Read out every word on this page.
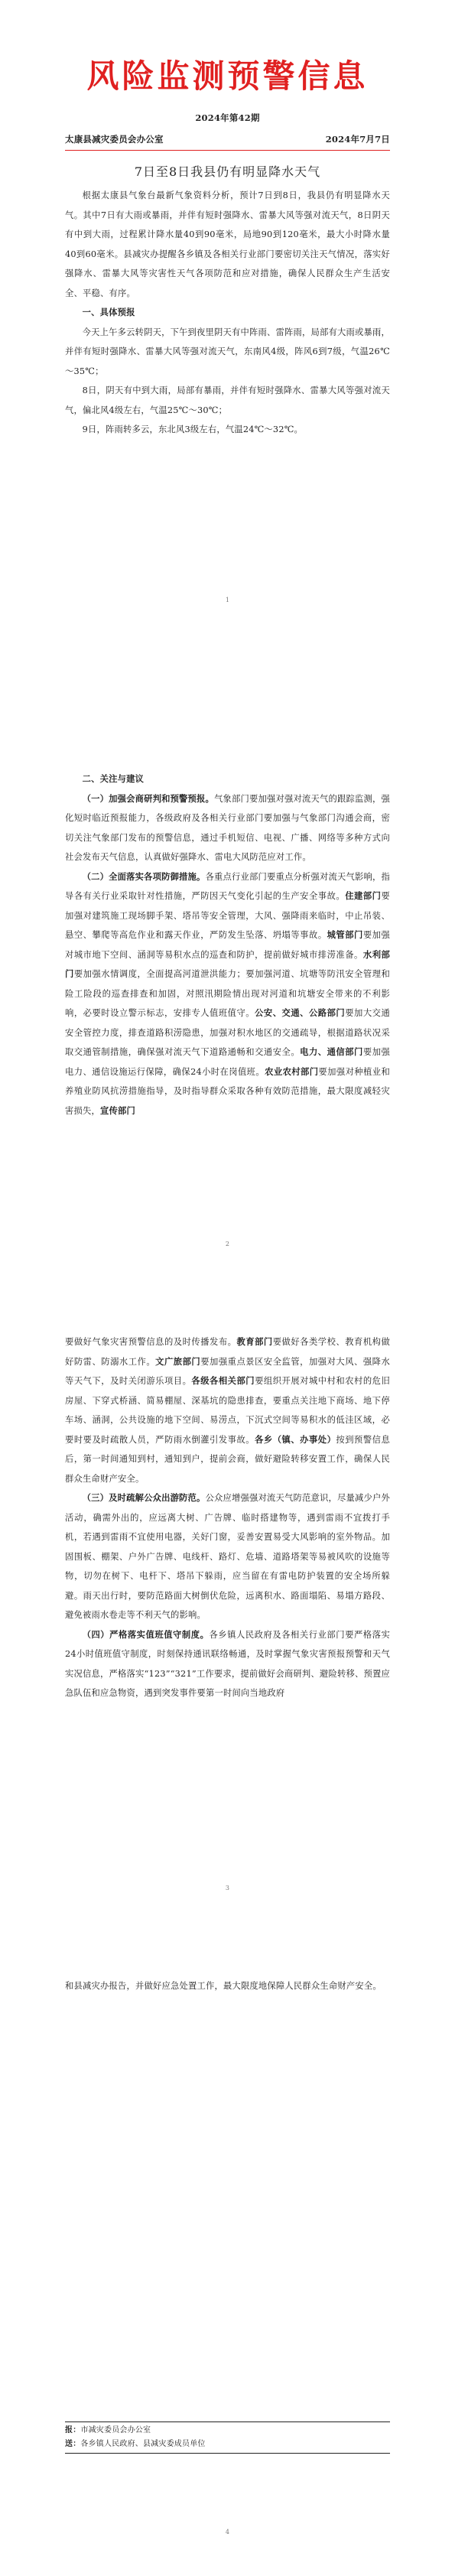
风险监测预警信息
2024年第42期
太康县减灾委员会办公室	2024年7月7日
7日至8日我县仍有明显降水天气

根据太康县气象台最新气象资料分析，预计7日到8日，我县仍有明显降水天气。其中7日有大雨或暴雨，并伴有短时强降水、雷暴大风等强对流天气，8日阴天有中到大雨，过程累计降水量40到90毫米，局地90到120毫米，最大小时降水量40到60毫米。县减灾办提醒各乡镇及各相关行业部门要密切关注天气情况，落实好强降水、雷暴大风等灾害性天气各项防范和应对措施，确保人民群众生产生活安全、平稳、有序。

一、具体预报

今天上午多云转阴天，下午到夜里阴天有中阵雨、雷阵雨，局部有大雨或暴雨，并伴有短时强降水、雷暴大风等强对流天气，东南风4级，阵风6到7级，气温26℃～35℃；

8日，阴天有中到大雨，局部有暴雨，并伴有短时强降水、雷暴大风等强对流天气，偏北风4级左右，气温25℃～30℃；

9日，阵雨转多云，东北风3级左右，气温24℃～32℃。

1

二、关注与建议

（一）加强会商研判和预警预报。气象部门要加强对强对流天气的跟踪监测，强化短时临近预报能力，各级政府及各相关行业部门要加强与气象部门沟通会商，密切关注气象部门发布的预警信息，通过手机短信、电视、广播、网络等多种方式向社会发布天气信息，认真做好强降水、雷电大风防范应对工作。

（二）全面落实各项防御措施。各重点行业部门要重点分析强对流天气影响，指导各有关行业采取针对性措施，严防因天气变化引起的生产安全事故。住建部门要加强对建筑施工现场脚手架、塔吊等安全管理，大风、强降雨来临时，中止吊装、悬空、攀爬等高危作业和露天作业，严防发生坠落、坍塌等事故。城管部门要加强对城市地下空间、涵洞等易积水点的巡查和防护，提前做好城市排涝准备。水利部门要加强水情调度，全面提高河道泄洪能力；要加强河道、坑塘等防汛安全管理和险工险段的巡查排查和加固，对照汛期险情出现对河道和坑塘安全带来的不利影响，必要时设立警示标志，安排专人值班值守。公安、交通、公路部门要加大交通安全管控力度，排查道路积涝隐患，加强对积水地区的交通疏导，根据道路状况采取交通管制措施，确保强对流天气下道路通畅和交通安全。电力、通信部门要加强电力、通信设施运行保障，确保24小时在岗值班。农业农村部门要加强对种植业和养殖业防风抗涝措施指导，及时指导群众采取各种有效防范措施，最大限度减轻灾害损失，宣传部门

2

要做好气象灾害预警信息的及时传播发布。教育部门要做好各类学校、教育机构做好防雷、防溺水工作。文广旅部门要加强重点景区安全监管，加强对大风、强降水等天气下，及时关闭游乐项目。各级各相关部门要组织开展对城中村和农村的危旧房屋、下穿式桥涵、简易棚屋、深基坑的隐患排查，要重点关注地下商场、地下停车场、涵洞，公共设施的地下空间、易涝点，下沉式空间等易积水的低洼区域，必要时要及时疏散人员，严防雨水倒灌引发事故。各乡（镇、办事处）按到预警信息后，第一时间通知到村，通知到户，提前会商，做好避险转移安置工作，确保人民群众生命财产安全。

（三）及时疏解公众出游防范。公众应增强强对流天气防范意识，尽量减少户外活动，确需外出的，应远离大树、广告牌、临时搭建物等，遇到雷雨不宜拨打手机，若遇到雷雨不宜使用电器，关好门窗，妥善安置易受大风影响的室外物品。加固围板、棚架、户外广告牌、电线杆、路灯、危墙、道路塔架等易被风吹的设施等物，切勿在树下、电杆下、塔吊下躲雨，应当留在有雷电防护装置的安全场所躲避。雨天出行时，要防范路面大树倒伏危险，远离积水、路面塌陷、易塌方路段、避免被雨水卷走等不利天气的影响。

（四）严格落实值班值守制度。各乡镇人民政府及各相关行业部门要严格落实24小时值班值守制度，时刻保持通讯联络畅通，及时掌握气象灾害预报预警和天气实况信息，严格落实“123”“321”工作要求，提前做好会商研判、避险转移、预置应急队伍和应急物资，遇到突发事件要第一时间向当地政府

3

和县减灾办报告，并做好应急处置工作，最大限度地保障人民群众生命财产安全。

报：市减灾委员会办公室
送：各乡镇人民政府、县减灾委成员单位
4
